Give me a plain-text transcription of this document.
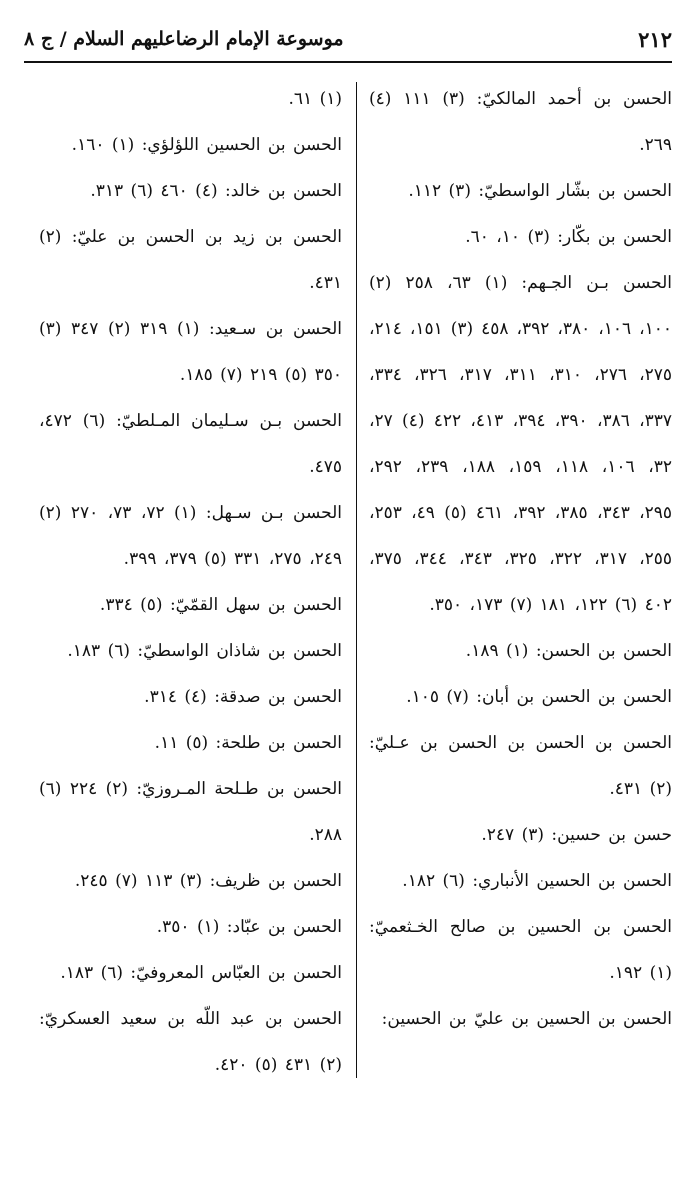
٢١٢
موسوعة الإمام الرضاعليهم السلام / ج ٨
الحسن بن أحمد المالكيّ: (٣) ١١١ (٤) ٢٦٩.
الحسن بن بشّار الواسطيّ: (٣) ١١٢.
الحسن بن بكّار: (٣) ١٠، ٦٠.
الحسن بـن الجـهم: (١) ٦٣، ٢٥٨ (٢) ١٠٠، ١٠٦، ٣٨٠، ٣٩٢، ٤٥٨ (٣) ١٥١، ٢١٤، ٢٧٥، ٢٧٦، ٣١٠، ٣١١، ٣١٧، ٣٢٦، ٣٣٤، ٣٣٧، ٣٨٦، ٣٩٠، ٣٩٤، ٤١٣، ٤٢٢ (٤) ٢٧، ٣٢، ١٠٦، ١١٨، ١٥٩، ١٨٨، ٢٣٩، ٢٩٢، ٢٩٥، ٣٤٣، ٣٨٥، ٣٩٢، ٤٦١ (٥) ٤٩، ٢٥٣، ٢٥٥، ٣١٧، ٣٢٢، ٣٢٥، ٣٤٣، ٣٤٤، ٣٧٥، ٤٠٢ (٦) ١٢٢، ١٨١ (٧) ١٧٣، ٣٥٠.
الحسن بن الحسن: (١) ١٨٩.
الحسن بن الحسن بن أبان: (٧) ١٠٥.
الحسن بن الحسن بن الحسن بن عـليّ: (٢) ٤٣١.
حسن بن حسين: (٣) ٢٤٧.
الحسن بن الحسين الأنباري: (٦) ١٨٢.
الحسن بن الحسين بن صالح الخـثعميّ: (١) ١٩٢.
الحسن بن الحسين بن عليّ بن الحسين:
(١) ٦١.
الحسن بن الحسين اللؤلؤي: (١) ١٦٠.
الحسن بن خالد: (٤) ٤٦٠ (٦) ٣١٣.
الحسن بن زيد بن الحسن بن عليّ: (٢) ٤٣١.
الحسن بن سـعيد: (١) ٣١٩ (٢) ٣٤٧ (٣) ٣٥٠ (٥) ٢١٩ (٧) ١٨٥.
الحسن بـن سـليمان المـلطيّ: (٦) ٤٧٢، ٤٧٥.
الحسن بـن سـهل: (١) ٧٢، ٧٣، ٢٧٠ (٢) ٢٤٩، ٢٧٥، ٣٣١ (٥) ٣٧٩، ٣٩٩.
الحسن بن سهل القمّيّ: (٥) ٣٣٤.
الحسن بن شاذان الواسطيّ: (٦) ١٨٣.
الحسن بن صدقة: (٤) ٣١٤.
الحسن بن طلحة: (٥) ١١.
الحسن بن طـلحة المـروزيّ: (٢) ٢٢٤ (٦) ٢٨٨.
الحسن بن ظريف: (٣) ١١٣ (٧) ٢٤٥.
الحسن بن عبّاد: (١) ٣٥٠.
الحسن بن العبّاس المعروفيّ: (٦) ١٨٣.
الحسن بن عبد اللّه بن سعيد العسكريّ: (٢) ٤٣١ (٥) ٤٢٠.
